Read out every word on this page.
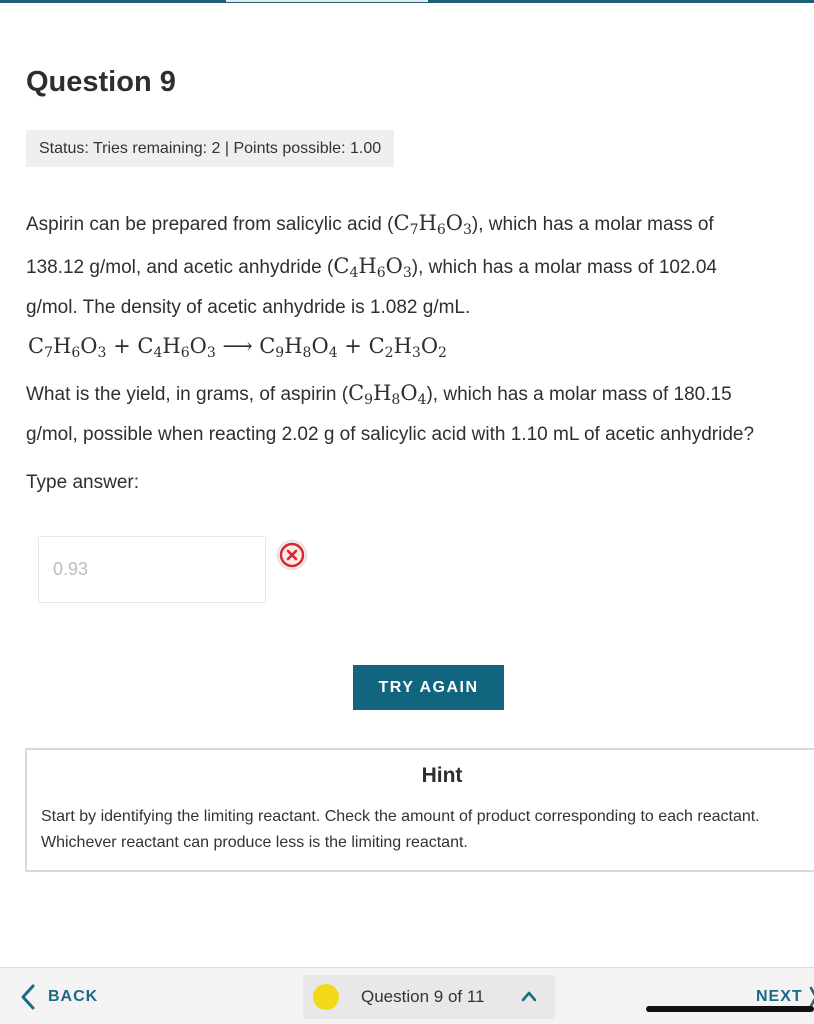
Question 9
Status: Tries remaining: 2 | Points possible: 1.00
Aspirin can be prepared from salicylic acid $(C_7H_6O_3)$, which has a molar mass of
138.12 g/mol, and acetic anhydride $(C_4H_6O_3)$, which has a molar mass of 102.04
g/mol. The density of acetic anhydride is 1.082 g/mL.
$C_7H_6O_3 + C_4H_6O_3$ ⟶ $C_9H_8O_4 + C_2H_3O_2$
What is the yield, in grams, of aspirin $(C_9H_8O_4)$, which has a molar mass of 180.15
g/mol, possible when reacting 2.02 g of salicylic acid with 1.10 mL of acetic anhydride?
Type answer:
0.93
TRY AGAIN
Hint
Start by identifying the limiting reactant. Check the amount of product corresponding to each reactant. Whichever reactant can produce less is the limiting reactant.
BACK	Question 9 of 11	NEXT
